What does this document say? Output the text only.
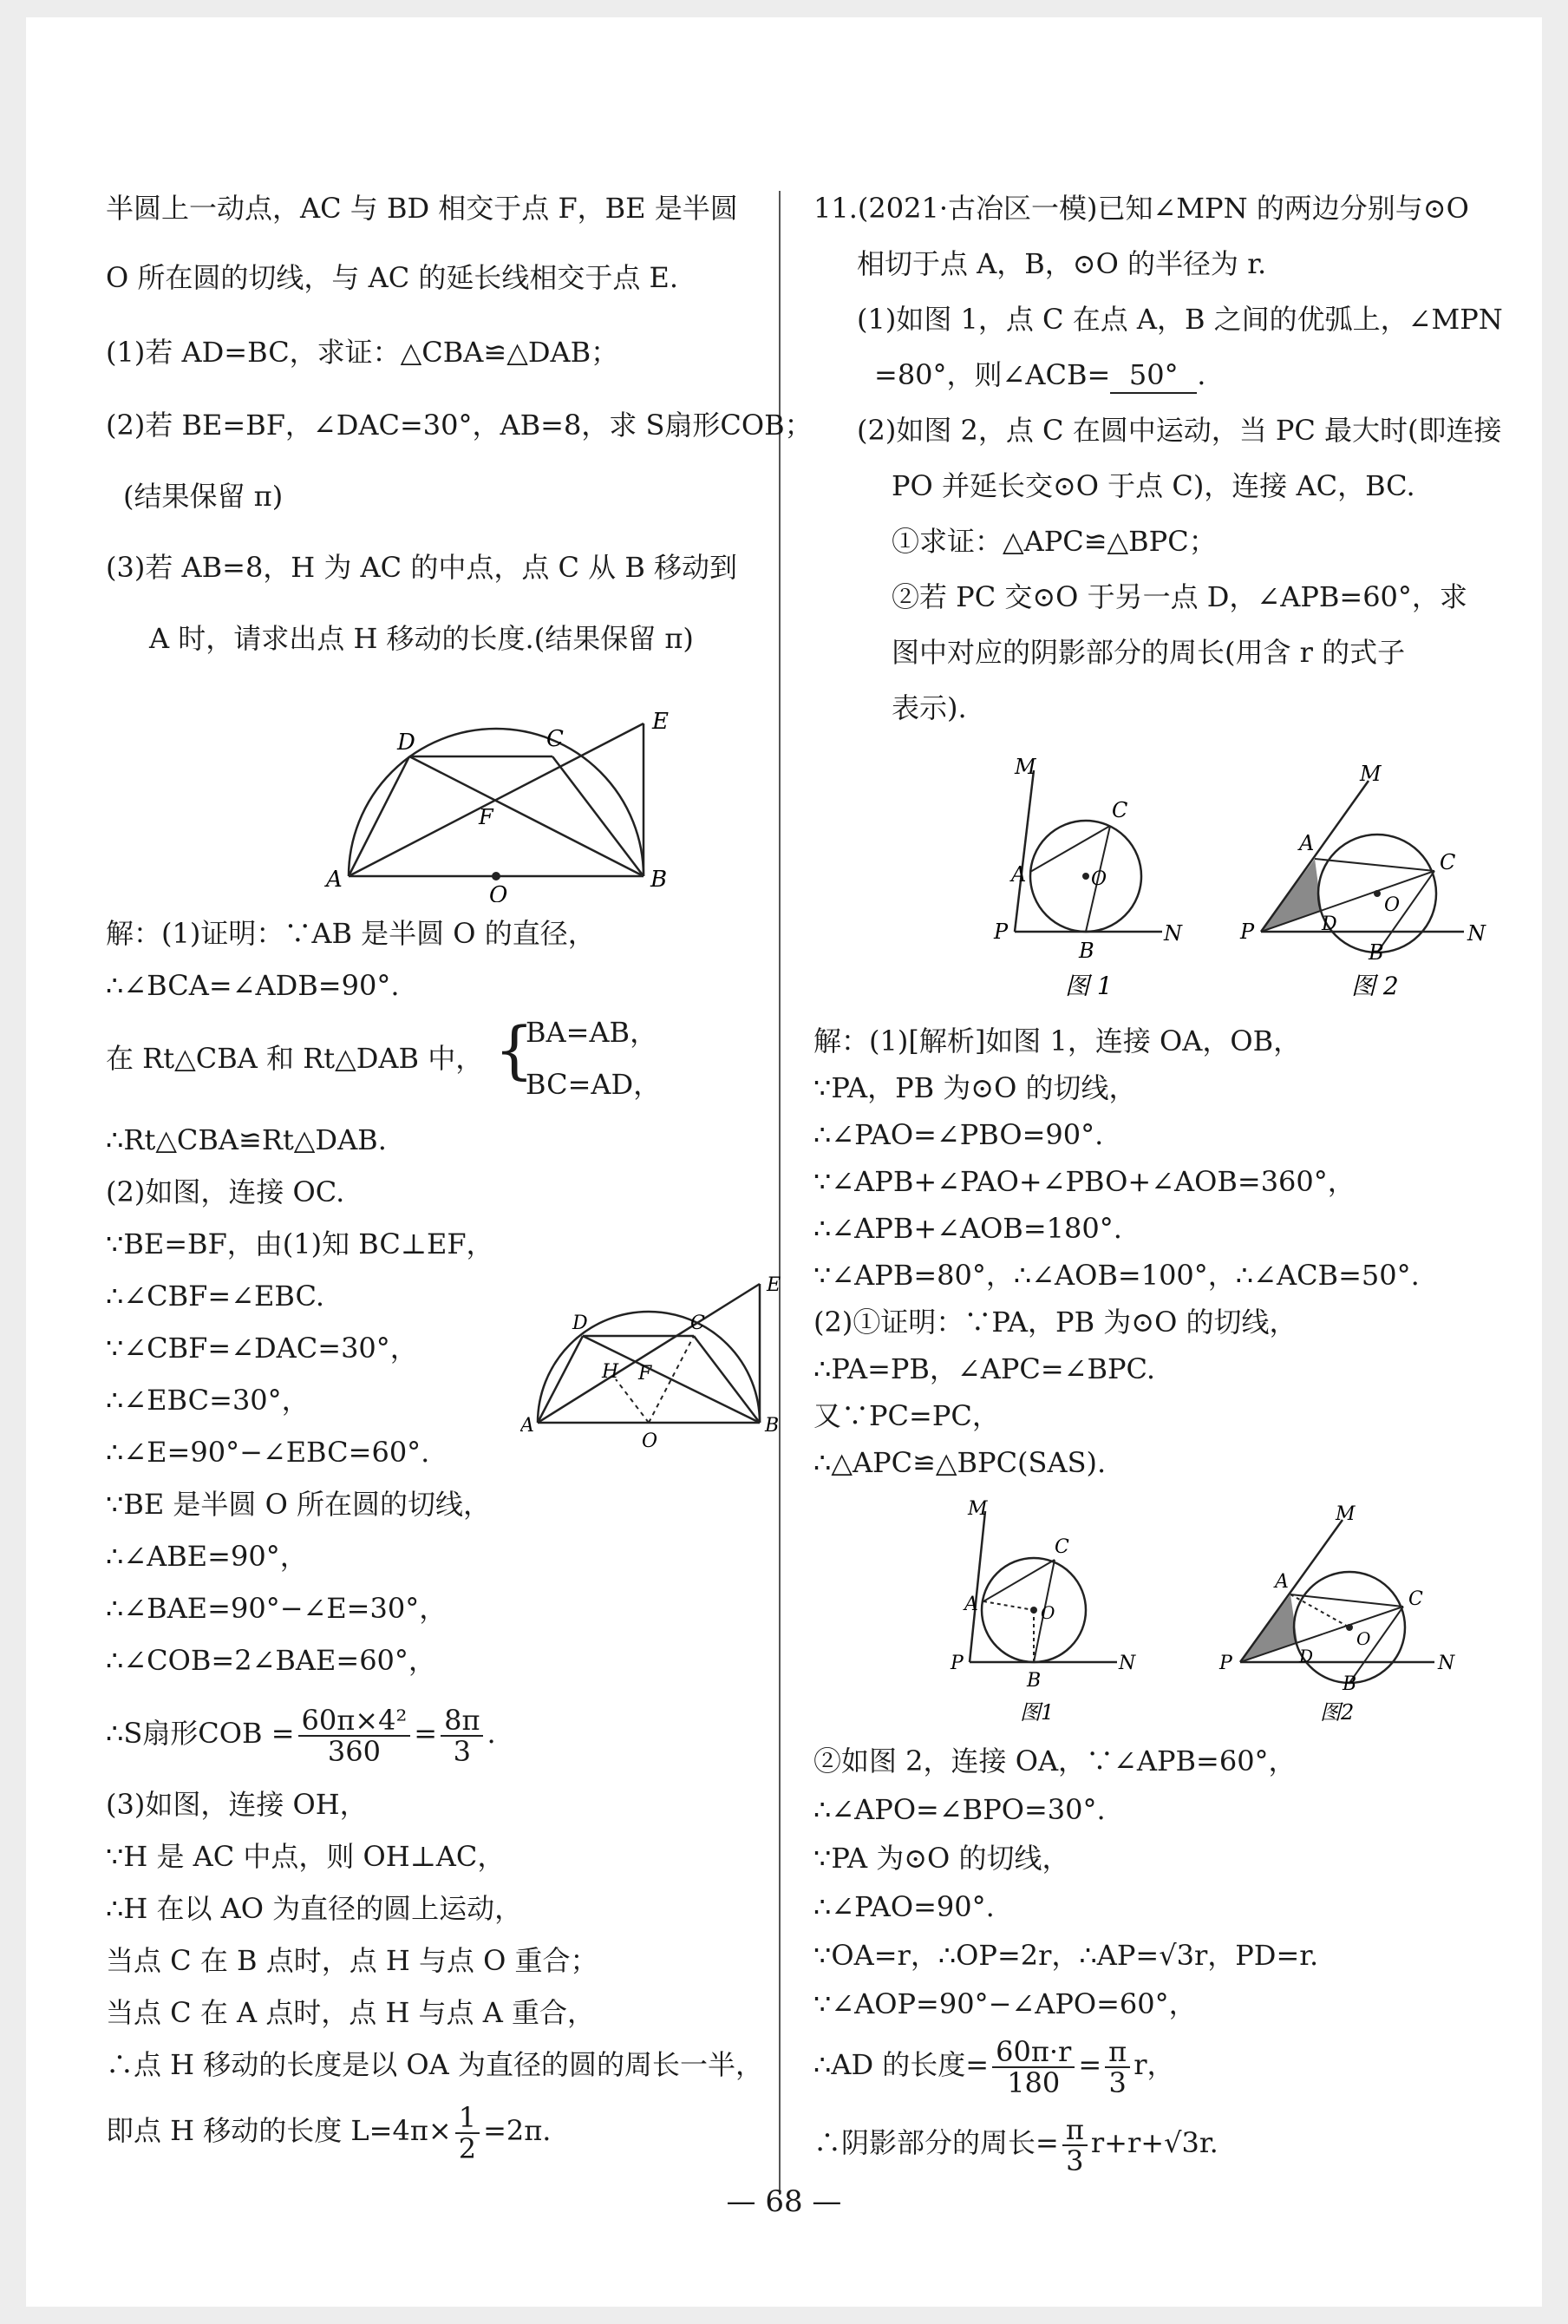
半圆上一动点，AC 与 BD 相交于点 F，BE 是半圆
O 所在圆的切线，与 AC 的延长线相交于点 E.
(1)若 AD=BC，求证：△CBA≌△DAB；
(2)若 BE=BF，∠DAC=30°，AB=8，求 S扇形COB；
(结果保留 π)
(3)若 AB=8，H 为 AC 的中点，点 C 从 B 移动到
A 时，请求出点 H 移动的长度.(结果保留 π)
D	C
E
F
A
O
B
解：(1)证明：∵AB 是半圆 O 的直径，
∴∠BCA=∠ADB=90°.
在 Rt△CBA 和 Rt△DAB 中， {
BA=AB，
BC=AD，
∴Rt△CBA≌Rt△DAB.
(2)如图，连接 OC.
∵BE=BF，由(1)知 BC⊥EF，
∴∠CBF=∠EBC.
∵∠CBF=∠DAC=30°，
∴∠EBC=30°，
∴∠E=90°−∠EBC=60°.
∵BE 是半圆 O 所在圆的切线，
∴∠ABE=90°，
∴∠BAE=90°−∠E=30°，
∴∠COB=2∠BAE=60°，
D	C
E
H F
A
O
B
∴S扇形COB = $\frac{\text{60π×4²}}{360} = \frac{8\pi}{3}$ .
(3)如图，连接 OH，
∵H 是 AC 中点，则 OH⊥AC，
∴H 在以 AO 为直径的圆上运动，
当点 C 在 B 点时，点 H 与点 O 重合；
当点 C 在 A 点时，点 H 与点 A 重合，
∴点 H 移动的长度是以 OA 为直径的圆的周长一半，
即点 H 移动的长度 $L=4\pi\times \frac{1}{2} =2\pi$.
11.(2021·古冶区一模)已知∠MPN 的两边分别与⊙O
相切于点 A，B，⊙O 的半径为 r.
(1)如图 1，点 C 在点 A，B 之间的优弧上，∠MPN
=80°，则∠ACB= 50° .
(2)如图 2，点 C 在圆中运动，当 PC 最大时(即连接
PO 并延长交⊙O 于点 C)，连接 AC，BC.
①求证：△APC≌△BPC；
②若 PC 交⊙O 于另一点 D，∠APB=60°，求
图中对应的阴影部分的周长(用含 r 的式子
表示).
M
C
A	O
P
B
N
图 1
M
A
C
O
D
P
B
N
图 2
解：(1)[解析]如图 1，连接 OA，OB，
∵PA，PB 为⊙O 的切线，
∴∠PAO=∠PBO=90°.
∵∠APB+∠PAO+∠PBO+∠AOB=360°，
∴∠APB+∠AOB=180°.
∵∠APB=80°，∴∠AOB=100°，∴∠ACB=50°.
(2)①证明：∵PA，PB 为⊙O 的切线，
∴PA=PB，∠APC=∠BPC.
又∵PC=PC，
∴△APC≌△BPC(SAS).
M
C
A	O
P
B
N
图1
M
A
C
O
D
P
B
N
图2
②如图 2，连接 OA，∵∠APB=60°，
∴∠APO=∠BPO=30°.
∵PA 为⊙O 的切线，
∴∠PAO=90°.
∵OA=r，∴OP=2r，∴AP=√3r，PD=r.
∵∠AOP=90°−∠APO=60°，
∴AD 的长度= $\frac{60\pi\cdot r}{180} = \frac{\pi}{3}$ r，
∴阴影部分的周长= $\frac{\pi}{3} r+r+√3r$.
— 68 —
